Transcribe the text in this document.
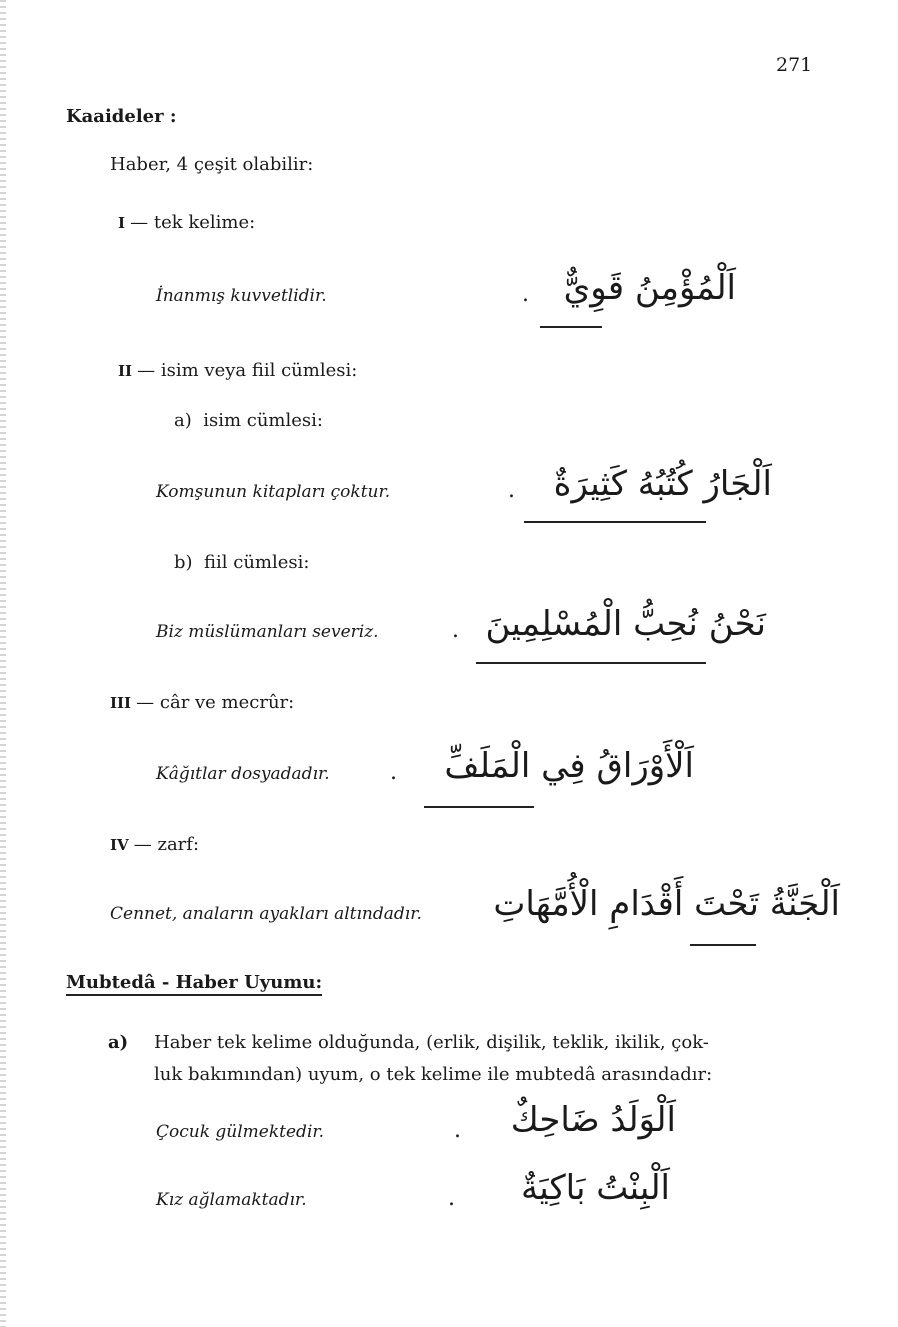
271
Kaaideler :
Haber, 4 çeşit olabilir:
I — tek kelime:
İnanmış kuvvetlidir.	.	اَلْمُؤْمِنُ قَوِيٌّ
II — isim veya fiil cümlesi:
a) isim cümlesi:
Komşunun kitapları çoktur.	.	اَلْجَارُ كُتُبُهُ كَثِيرَةٌ
b) fiil cümlesi:
Biz müslümanları severiz.	. نَحْنُ نُحِبُّ الْمُسْلِمِينَ
III — câr ve mecrûr:
Kâğıtlar dosyadadır.	.	اَلْأَوْرَاقُ فِي الْمَلَفِّ
IV — zarf:
Cennet, anaların ayakları altındadır. اَلْجَنَّةُ تَحْتَ أَقْدَامِ الْأُمَّهَاتِ
Mubtedâ - Haber Uyumu:
a) Haber tek kelime olduğunda, (erlik, dişilik, teklik, ikilik, çok-
luk bakımından) uyum, o tek kelime ile mubtedâ arasındadır:
Çocuk gülmektedir.	.	اَلْوَلَدُ ضَاحِكٌ
Kız ağlamaktadır.	.	اَلْبِنْتُ بَاكِيَةٌ
